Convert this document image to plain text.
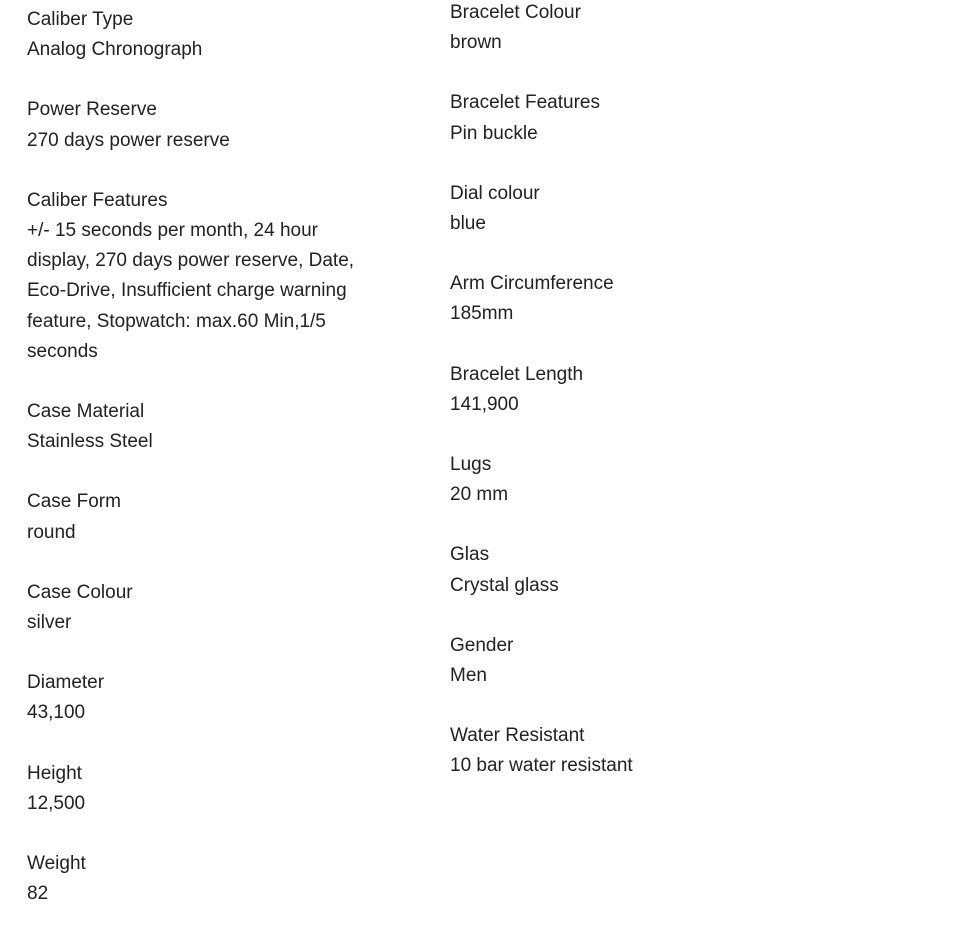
Caliber Type
Analog Chronograph
Power Reserve
270 days power reserve
Caliber Features
+/- 15 seconds per month, 24 hour display, 270 days power reserve, Date, Eco-Drive, Insufficient charge warning feature, Stopwatch: max.60 Min,1/5 seconds
Case Material
Stainless Steel
Case Form
round
Case Colour
silver
Diameter
43,100
Height
12,500
Weight
82
Bracelet Colour
brown
Bracelet Features
Pin buckle
Dial colour
blue
Arm Circumference
185mm
Bracelet Length
141,900
Lugs
20 mm
Glas
Crystal glass
Gender
Men
Water Resistant
10 bar water resistant
